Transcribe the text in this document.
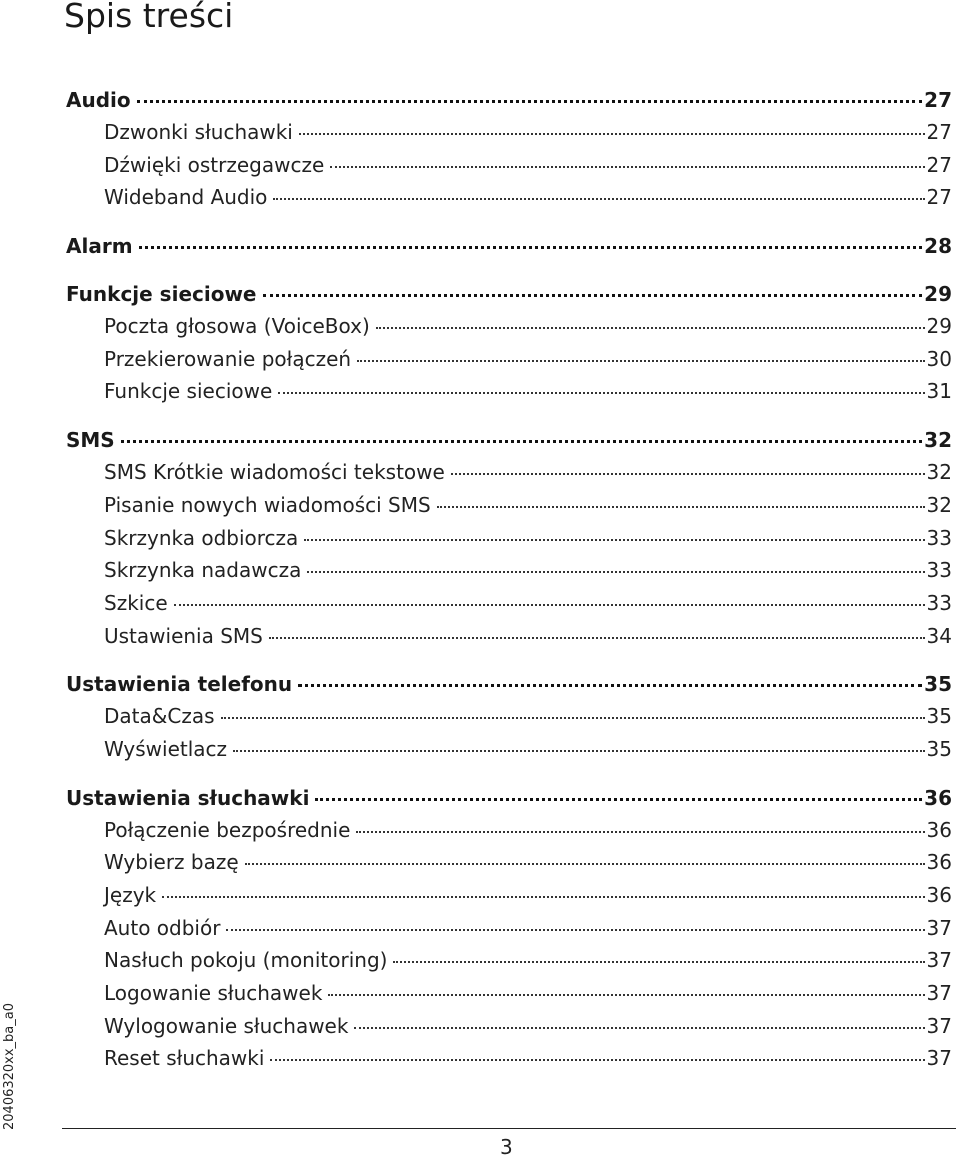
Spis treści
Audio	27
Dzwonki słuchawki	27
Dźwięki ostrzegawcze	27
Wideband Audio	27
Alarm	28
Funkcje sieciowe	29
Poczta głosowa (VoiceBox)	29
Przekierowanie połączeń	30
Funkcje sieciowe	31
SMS	32
SMS Krótkie wiadomości tekstowe	32
Pisanie nowych wiadomości SMS	32
Skrzynka odbiorcza	33
Skrzynka nadawcza	33
Szkice	33
Ustawienia SMS	34
Ustawienia telefonu	35
Data&Czas	35
Wyświetlacz	35
Ustawienia słuchawki	36
Połączenie bezpośrednie	36
Wybierz bazę	36
Język	36
Auto odbiór	37
Nasłuch pokoju (monitoring)	37
Logowanie słuchawek	37
Wylogowanie słuchawek	37
Reset słuchawki	37
20406320xx_ba_a0
3
